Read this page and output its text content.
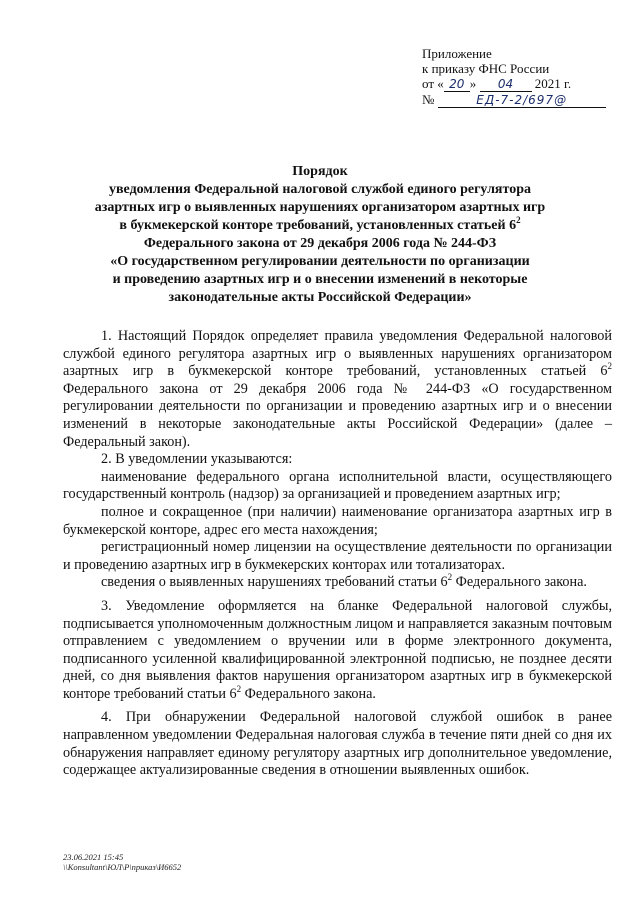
Приложение
к приказу ФНС России
от « 20 » 04 2021 г.
№	ЕД-7-2/697@
Порядок
уведомления Федеральной налоговой службой единого регулятора
азартных игр о выявленных нарушениях организатором азартных игр
в букмекерской конторе требований, установленных статьей $6^2$
Федерального закона от 29 декабря 2006 года № 244-ФЗ
«О государственном регулировании деятельности по организации
и проведению азартных игр и о внесении изменений в некоторые
законодательные акты Российской Федерации»

1. Настоящий Порядок определяет правила уведомления Федеральной налоговой службой единого регулятора азартных игр о выявленных нарушениях организатором азартных игр в букмекерской конторе требований, установленных статьей $6^2$ Федерального закона от 29 декабря 2006 года № 244-ФЗ «О государственном регулировании деятельности по организации и проведению азартных игр и о внесении изменений в некоторые законодательные акты Российской Федерации» (далее – Федеральный закон).

2. В уведомлении указываются:

наименование федерального органа исполнительной власти, осуществляющего государственный контроль (надзор) за организацией и проведением азартных игр;

полное и сокращенное (при наличии) наименование организатора азартных игр в букмекерской конторе, адрес его места нахождения;

регистрационный номер лицензии на осуществление деятельности по организации и проведению азартных игр в букмекерских конторах или тотализаторах.

сведения о выявленных нарушениях требований статьи $6^2$ Федерального закона.

3. Уведомление оформляется на бланке Федеральной налоговой службы, подписывается уполномоченным должностным лицом и направляется заказным почтовым отправлением с уведомлением о вручении или в форме электронного документа, подписанного усиленной квалифицированной электронной подписью, не позднее десяти дней, со дня выявления фактов нарушения организатором азартных игр в букмекерской конторе требований статьи $6^2$ Федерального закона.

4. При обнаружении Федеральной налоговой службой ошибок в ранее направленном уведомлении Федеральная налоговая служба в течение пяти дней со дня их обнаружения направляет единому регулятору азартных игр дополнительное уведомление, содержащее актуализированные сведения в отношении выявленных ошибок.

23.06.2021 15:45
\\Konsultant\ЮЛ\Р\приказ\И6652
